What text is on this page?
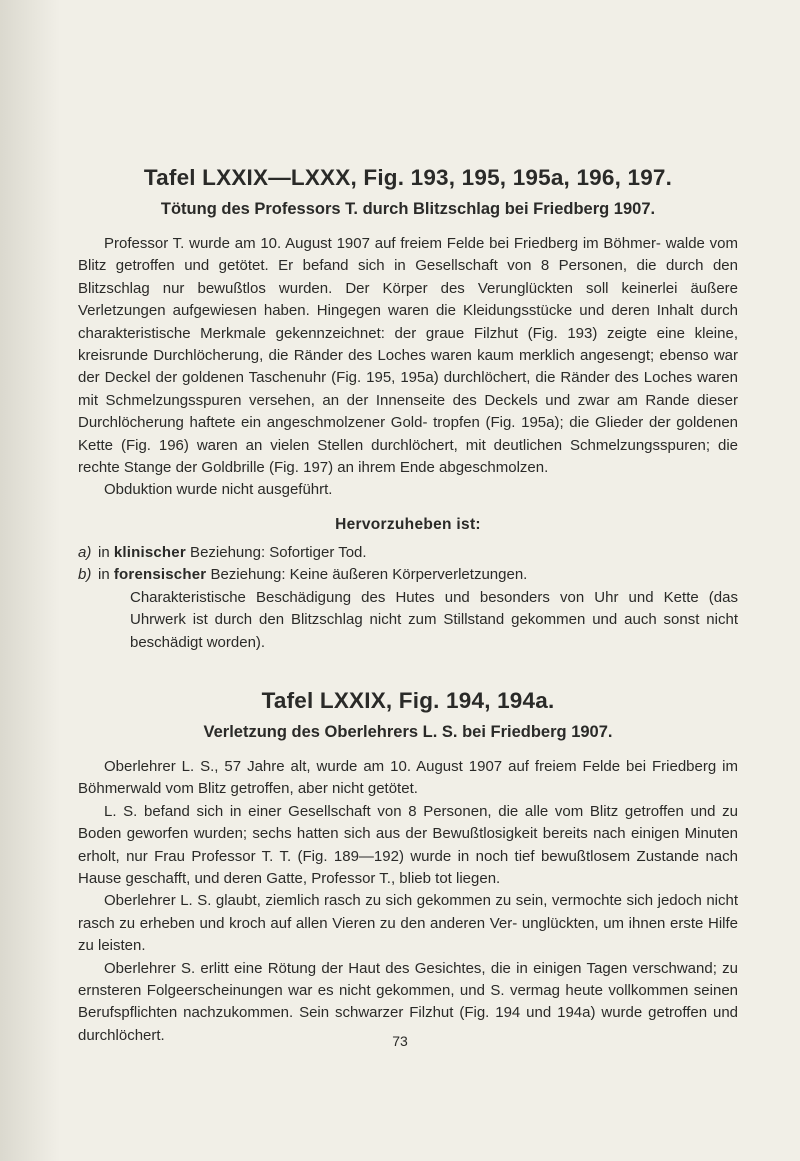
Tafel LXXIX—LXXX, Fig. 193, 195, 195a, 196, 197.
Tötung des Professors T. durch Blitzschlag bei Friedberg 1907.

Professor T. wurde am 10. August 1907 auf freiem Felde bei Friedberg im Böhmer- walde vom Blitz getroffen und getötet. Er befand sich in Gesellschaft von 8 Personen, die durch den Blitzschlag nur bewußtlos wurden. Der Körper des Verunglückten soll keinerlei äußere Verletzungen aufgewiesen haben. Hingegen waren die Kleidungsstücke und deren Inhalt durch charakteristische Merkmale gekennzeichnet: der graue Filzhut (Fig. 193) zeigte eine kleine, kreisrunde Durchlöcherung, die Ränder des Loches waren kaum merklich angesengt; ebenso war der Deckel der goldenen Taschenuhr (Fig. 195, 195a) durchlöchert, die Ränder des Loches waren mit Schmelzungsspuren versehen, an der Innenseite des Deckels und zwar am Rande dieser Durchlöcherung haftete ein angeschmolzener Gold- tropfen (Fig. 195a); die Glieder der goldenen Kette (Fig. 196) waren an vielen Stellen durchlöchert, mit deutlichen Schmelzungsspuren; die rechte Stange der Goldbrille (Fig. 197) an ihrem Ende abgeschmolzen.

Obduktion wurde nicht ausgeführt.

Hervorzuheben ist:

a) in klinischer Beziehung: Sofortiger Tod.

b) in forensischer Beziehung: Keine äußeren Körperverletzungen.

Charakteristische Beschädigung des Hutes und besonders von Uhr und Kette (das Uhrwerk ist durch den Blitzschlag nicht zum Stillstand gekommen und auch sonst nicht beschädigt worden).

Tafel LXXIX, Fig. 194, 194a.
Verletzung des Oberlehrers L. S. bei Friedberg 1907.

Oberlehrer L. S., 57 Jahre alt, wurde am 10. August 1907 auf freiem Felde bei Friedberg im Böhmerwald vom Blitz getroffen, aber nicht getötet.

L. S. befand sich in einer Gesellschaft von 8 Personen, die alle vom Blitz getroffen und zu Boden geworfen wurden; sechs hatten sich aus der Bewußtlosigkeit bereits nach einigen Minuten erholt, nur Frau Professor T. T. (Fig. 189—192) wurde in noch tief bewußtlosem Zustande nach Hause geschafft, und deren Gatte, Professor T., blieb tot liegen.

Oberlehrer L. S. glaubt, ziemlich rasch zu sich gekommen zu sein, vermochte sich jedoch nicht rasch zu erheben und kroch auf allen Vieren zu den anderen Ver- unglückten, um ihnen erste Hilfe zu leisten.

Oberlehrer S. erlitt eine Rötung der Haut des Gesichtes, die in einigen Tagen verschwand; zu ernsteren Folgeerscheinungen war es nicht gekommen, und S. vermag heute vollkommen seinen Berufspflichten nachzukommen. Sein schwarzer Filzhut (Fig. 194 und 194a) wurde getroffen und durchlöchert.	73
